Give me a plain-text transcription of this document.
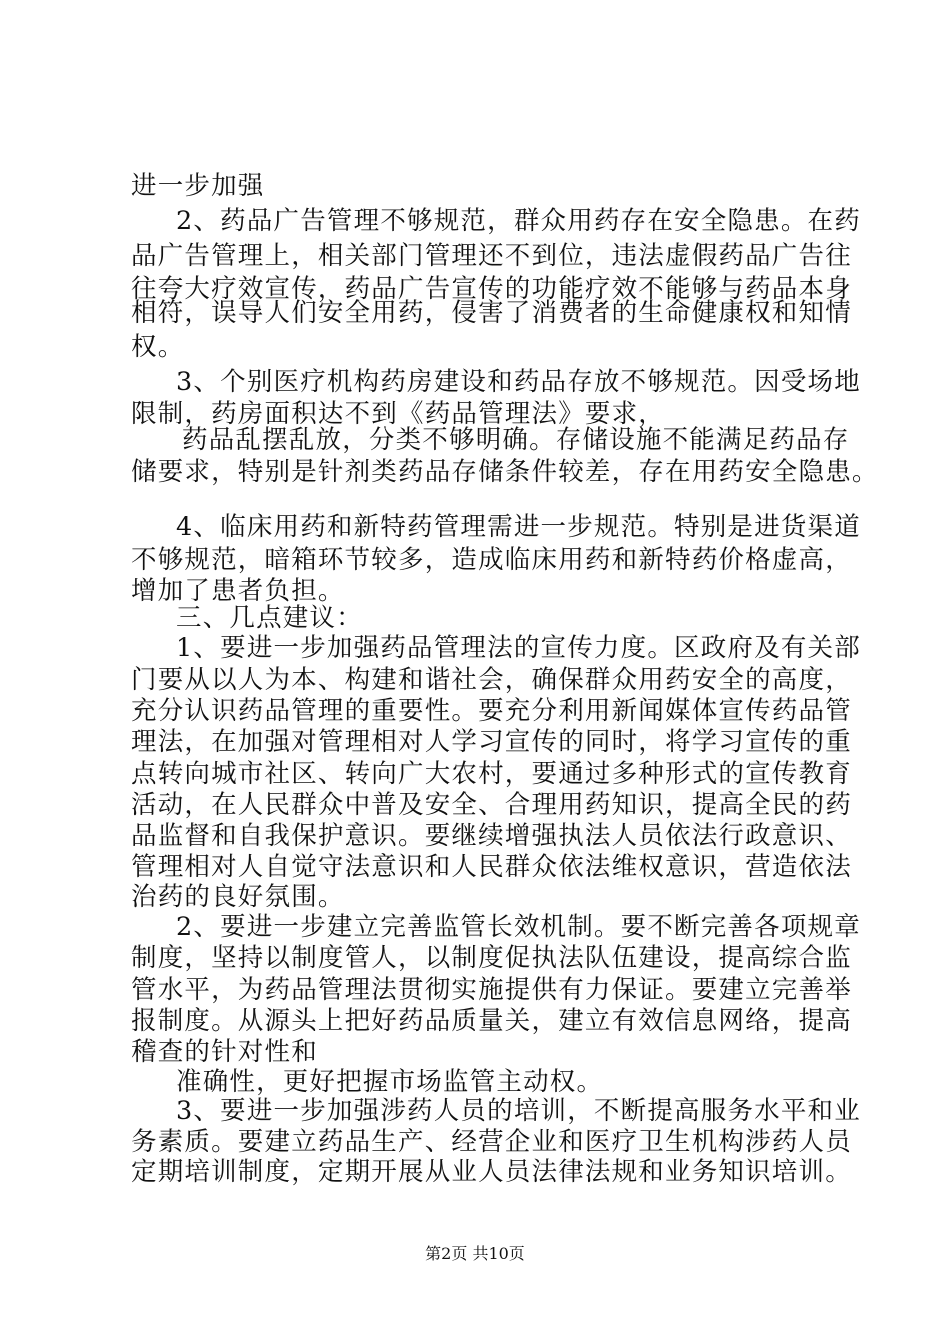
进一步加强
2、药品广告管理不够规范，群众用药存在安全隐患。在药
品广告管理上，相关部门管理还不到位，违法虚假药品广告往
往夸大疗效宣传，药品广告宣传的功能疗效不能够与药品本身
相符，误导人们安全用药，侵害了消费者的生命健康权和知情
权。
3、个别医疗机构药房建设和药品存放不够规范。因受场地
限制，药房面积达不到《药品管理法》要求，
药品乱摆乱放，分类不够明确。存储设施不能满足药品存
储要求，特别是针剂类药品存储条件较差，存在用药安全隐患。
4、临床用药和新特药管理需进一步规范。特别是进货渠道
不够规范，暗箱环节较多，造成临床用药和新特药价格虚高，
增加了患者负担。
三、几点建议：
1、要进一步加强药品管理法的宣传力度。区政府及有关部
门要从以人为本、构建和谐社会，确保群众用药安全的高度，
充分认识药品管理的重要性。要充分利用新闻媒体宣传药品管
理法，在加强对管理相对人学习宣传的同时，将学习宣传的重
点转向城市社区、转向广大农村，要通过多种形式的宣传教育
活动，在人民群众中普及安全、合理用药知识，提高全民的药
品监督和自我保护意识。要继续增强执法人员依法行政意识、
管理相对人自觉守法意识和人民群众依法维权意识，营造依法
治药的良好氛围。
2、要进一步建立完善监管长效机制。要不断完善各项规章
制度，坚持以制度管人，以制度促执法队伍建设，提高综合监
管水平，为药品管理法贯彻实施提供有力保证。要建立完善举
报制度。从源头上把好药品质量关，建立有效信息网络，提高
稽查的针对性和
准确性，更好把握市场监管主动权。
3、要进一步加强涉药人员的培训，不断提高服务水平和业
务素质。要建立药品生产、经营企业和医疗卫生机构涉药人员
定期培训制度，定期开展从业人员法律法规和业务知识培训。
第2页 共10页
